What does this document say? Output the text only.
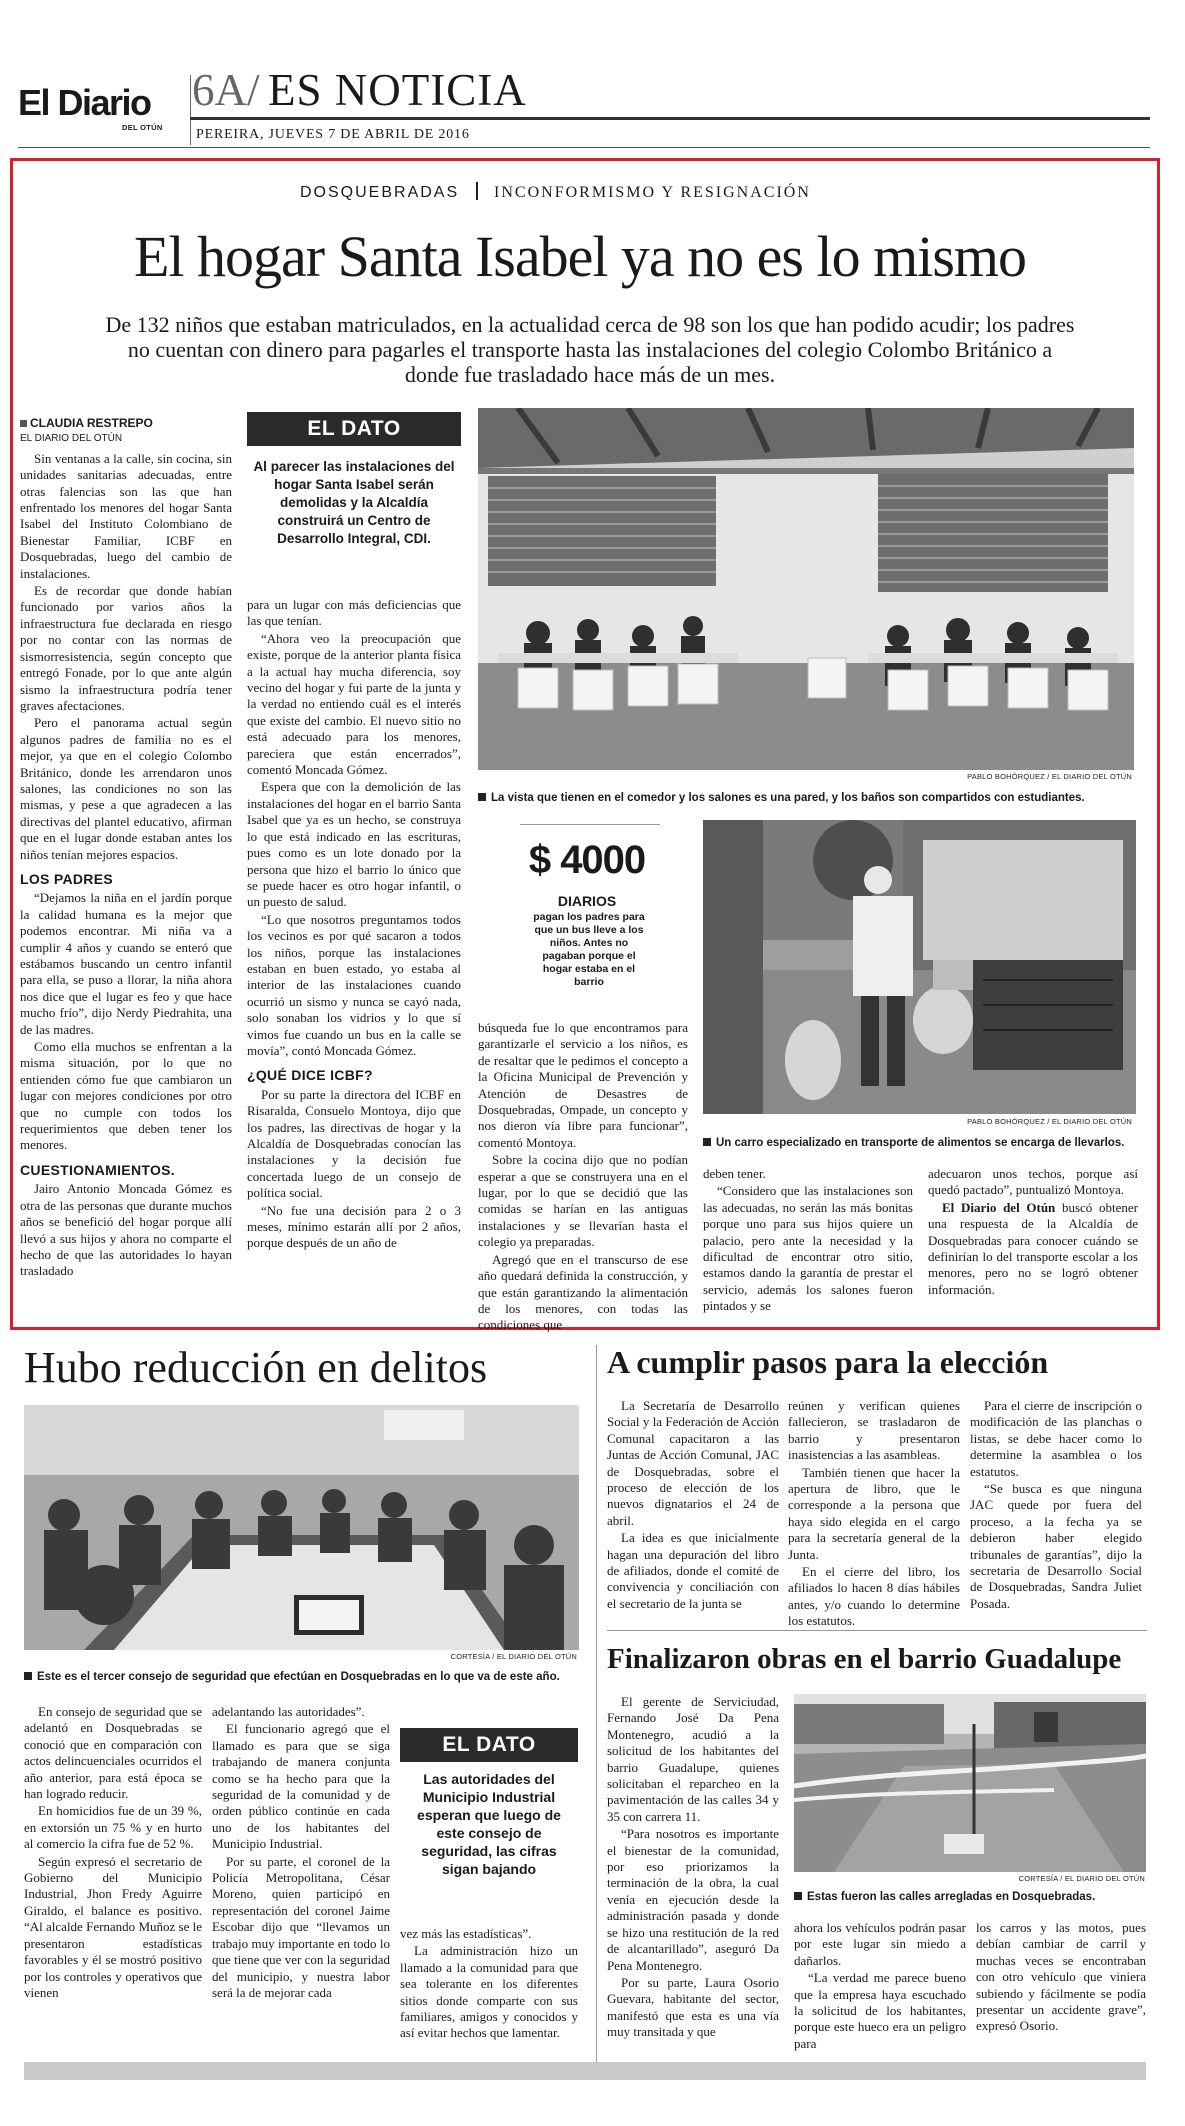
El Diario
DEL OTÚN
6A/ ES NOTICIA
PEREIRA, JUEVES 7 DE ABRIL DE 2016
DOSQUEBRADAS INCONFORMISMO Y RESIGNACIÓN
El hogar Santa Isabel ya no es lo mismo
De 132 niños que estaban matriculados, en la actualidad cerca de 98 son los que han podido acudir; los padres no cuentan con dinero para pagarles el transporte hasta las instalaciones del colegio Colombo Británico a donde fue trasladado hace más de un mes.
CLAUDIA RESTREPO
EL DIARIO DEL OTÚN

Sin ventanas a la calle, sin cocina, sin unidades sanitarias adecuadas, entre otras falencias son las que han enfrentado los menores del hogar Santa Isabel del Instituto Colombiano de Bienestar Familiar, ICBF en Dosquebradas, luego del cambio de instalaciones.

Es de recordar que donde habían funcionado por varios años la infraestructura fue declarada en riesgo por no contar con las normas de sismorresistencia, según concepto que entregó Fonade, por lo que ante algún sismo la infraestructura podría tener graves afectaciones.

Pero el panorama actual según algunos padres de familia no es el mejor, ya que en el colegio Colombo Británico, donde les arrendaron unos salones, las condiciones no son las mismas, y pese a que agradecen a las directivas del plantel educativo, afirman que en el lugar donde estaban antes los niños tenían mejores espacios.

LOS PADRES

“Dejamos la niña en el jardín porque la calidad humana es la mejor que podemos encontrar. Mi niña va a cumplir 4 años y cuando se enteró que estábamos buscando un centro infantil para ella, se puso a llorar, la niña ahora nos dice que el lugar es feo y que hace mucho frío”, dijo Nerdy Piedrahita, una de las madres.

Como ella muchos se enfrentan a la misma situación, por lo que no entienden cómo fue que cambiaron un lugar con mejores condiciones por otro que no cumple con todos los requerimientos que deben tener los menores.

CUESTIONAMIENTOS.

Jairo Antonio Moncada Gómez es otra de las personas que durante muchos años se benefició del hogar porque allí llevó a sus hijos y ahora no comparte el hecho de que las autoridades lo hayan trasladado

EL DATO
Al parecer las instalaciones del hogar Santa Isabel serán demolidas y la Alcaldía construirá un Centro de Desarrollo Integral, CDI.

para un lugar con más deficiencias que las que tenían.

“Ahora veo la preocupación que existe, porque de la anterior planta física a la actual hay mucha diferencia, soy vecino del hogar y fui parte de la junta y la verdad no entiendo cuál es el interés que existe del cambio. El nuevo sitio no está adecuado para los menores, pareciera que están encerrados”, comentó Moncada Gómez.

Espera que con la demolición de las instalaciones del hogar en el barrio Santa Isabel que ya es un hecho, se construya lo que está indicado en las escrituras, pues como es un lote donado por la persona que hizo el barrio lo único que se puede hacer es otro hogar infantil, o un puesto de salud.

“Lo que nosotros preguntamos todos los vecinos es por qué sacaron a todos los niños, porque las instalaciones estaban en buen estado, yo estaba al interior de las instalaciones cuando ocurrió un sismo y nunca se cayó nada, solo sonaban los vidrios y lo que sí vimos fue cuando un bus en la calle se movía”, contó Moncada Gómez.

¿QUÉ DICE ICBF?

Por su parte la directora del ICBF en Risaralda, Consuelo Montoya, dijo que los padres, las directivas de hogar y la Alcaldía de Dosquebradas conocían las instalaciones y la decisión fue concertada luego de un consejo de política social.

“No fue una decisión para 2 o 3 meses, mínimo estarán allí por 2 años, porque después de un año de

PABLO BOHÓRQUEZ / EL DIARIO DEL OTÚN
La vista que tienen en el comedor y los salones es una pared, y los baños son compartidos con estudiantes.
$ 4000
DIARIOS
pagan los padres para que un bus lleve a los niños. Antes no pagaban porque el hogar estaba en el barrio

búsqueda fue lo que encontramos para garantizarle el servicio a los niños, es de resaltar que le pedimos el concepto a la Oficina Municipal de Prevención y Atención de Desastres de Dosquebradas, Ompade, un concepto y nos dieron vía libre para funcionar”, comentó Montoya.

Sobre la cocina dijo que no podían esperar a que se construyera una en el lugar, por lo que se decidió que las comidas se harían en las antiguas instalaciones y se llevarían hasta el colegio ya preparadas.

Agregó que en el transcurso de ese año quedará definida la construcción, y que están garantizando la alimentación de los menores, con todas las condiciones que

PABLO BOHÓRQUEZ / EL DIARIO DEL OTÚN
Un carro especializado en transporte de alimentos se encarga de llevarlos.

deben tener.

“Considero que las instalaciones son las adecuadas, no serán las más bonitas porque uno para sus hijos quiere un palacio, pero ante la necesidad y la dificultad de encontrar otro sitio, estamos dando la garantía de prestar el servicio, además los salones fueron pintados y se

adecuaron unos techos, porque así quedó pactado”, puntualizó Montoya.

El Diario del Otún buscó obtener una respuesta de la Alcaldía de Dosquebradas para conocer cuándo se definirían lo del transporte escolar a los menores, pero no se logró obtener información.

Hubo reducción en delitos
CORTESÍA / EL DIARIO DEL OTÚN
Este es el tercer consejo de seguridad que efectúan en Dosquebradas en lo que va de este año.

En consejo de seguridad que se adelantó en Dosquebradas se conoció que en comparación con actos delincuenciales ocurridos el año anterior, para está época se han logrado reducir.

En homicidios fue de un 39 %, en extorsión un 75 % y en hurto al comercio la cifra fue de 52 %.

Según expresó el secretario de Gobierno del Municipio Industrial, Jhon Fredy Aguirre Giraldo, el balance es positivo. “Al alcalde Fernando Muñoz se le presentaron estadísticas favorables y él se mostró positivo por los controles y operativos que vienen

adelantando las autoridades”.

El funcionario agregó que el llamado es para que se siga trabajando de manera conjunta como se ha hecho para que la seguridad de la comunidad y de orden público continúe en cada uno de los habitantes del Municipio Industrial.

Por su parte, el coronel de la Policía Metropolitana, César Moreno, quien participó en representación del coronel Jaime Escobar dijo que “llevamos un trabajo muy importante en todo lo que tiene que ver con la seguridad del municipio, y nuestra labor será la de mejorar cada

EL DATO
Las autoridades del Municipio Industrial esperan que luego de este consejo de seguridad, las cifras sigan bajando

vez más las estadísticas”.

La administración hizo un llamado a la comunidad para que sea tolerante en los diferentes sitios donde comparte con sus familiares, amigos y conocidos y así evitar hechos que lamentar.

A cumplir pasos para la elección

La Secretaría de Desarrollo Social y la Federación de Acción Comunal capacitaron a las Juntas de Acción Comunal, JAC de Dosquebradas, sobre el proceso de elección de los nuevos dignatarios el 24 de abril.

La idea es que inicialmente hagan una depuración del libro de afiliados, donde el comité de convivencia y conciliación con el secretario de la junta se

reúnen y verifican quienes fallecieron, se trasladaron de barrio y presentaron inasistencias a las asambleas.

También tienen que hacer la apertura de libro, que le corresponde a la persona que haya sido elegida en el cargo para la secretaría general de la Junta.

En el cierre del libro, los afiliados lo hacen 8 días hábiles antes, y/o cuando lo determine los estatutos.

Para el cierre de inscripción o modificación de las planchas o listas, se debe hacer como lo determine la asamblea o los estatutos.

“Se busca es que ninguna JAC quede por fuera del proceso, a la fecha ya se debieron haber elegido tribunales de garantías”, dijo la secretaria de Desarrollo Social de Dosquebradas, Sandra Juliet Posada.

Finalizaron obras en el barrio Guadalupe

El gerente de Serviciudad, Fernando José Da Pena Montenegro, acudió a la solicitud de los habitantes del barrio Guadalupe, quienes solicitaban el reparcheo en la pavimentación de las calles 34 y 35 con carrera 11.

“Para nosotros es importante el bienestar de la comunidad, por eso priorizamos la terminación de la obra, la cual venía en ejecución desde la administración pasada y donde se hizo una restitución de la red de alcantarillado”, aseguró Da Pena Montenegro.

Por su parte, Laura Osorio Guevara, habitante del sector, manifestó que esta es una vía muy transitada y que

CORTESÍA / EL DIARIO DEL OTÚN
Estas fueron las calles arregladas en Dosquebradas.

ahora los vehículos podrán pasar por este lugar sin miedo a dañarlos.

“La verdad me parece bueno que la empresa haya escuchado la solicitud de los habitantes, porque este hueco era un peligro para

los carros y las motos, pues debían cambiar de carril y muchas veces se encontraban con otro vehículo que viniera subiendo y fácilmente se podía presentar un accidente grave”, expresó Osorio.
